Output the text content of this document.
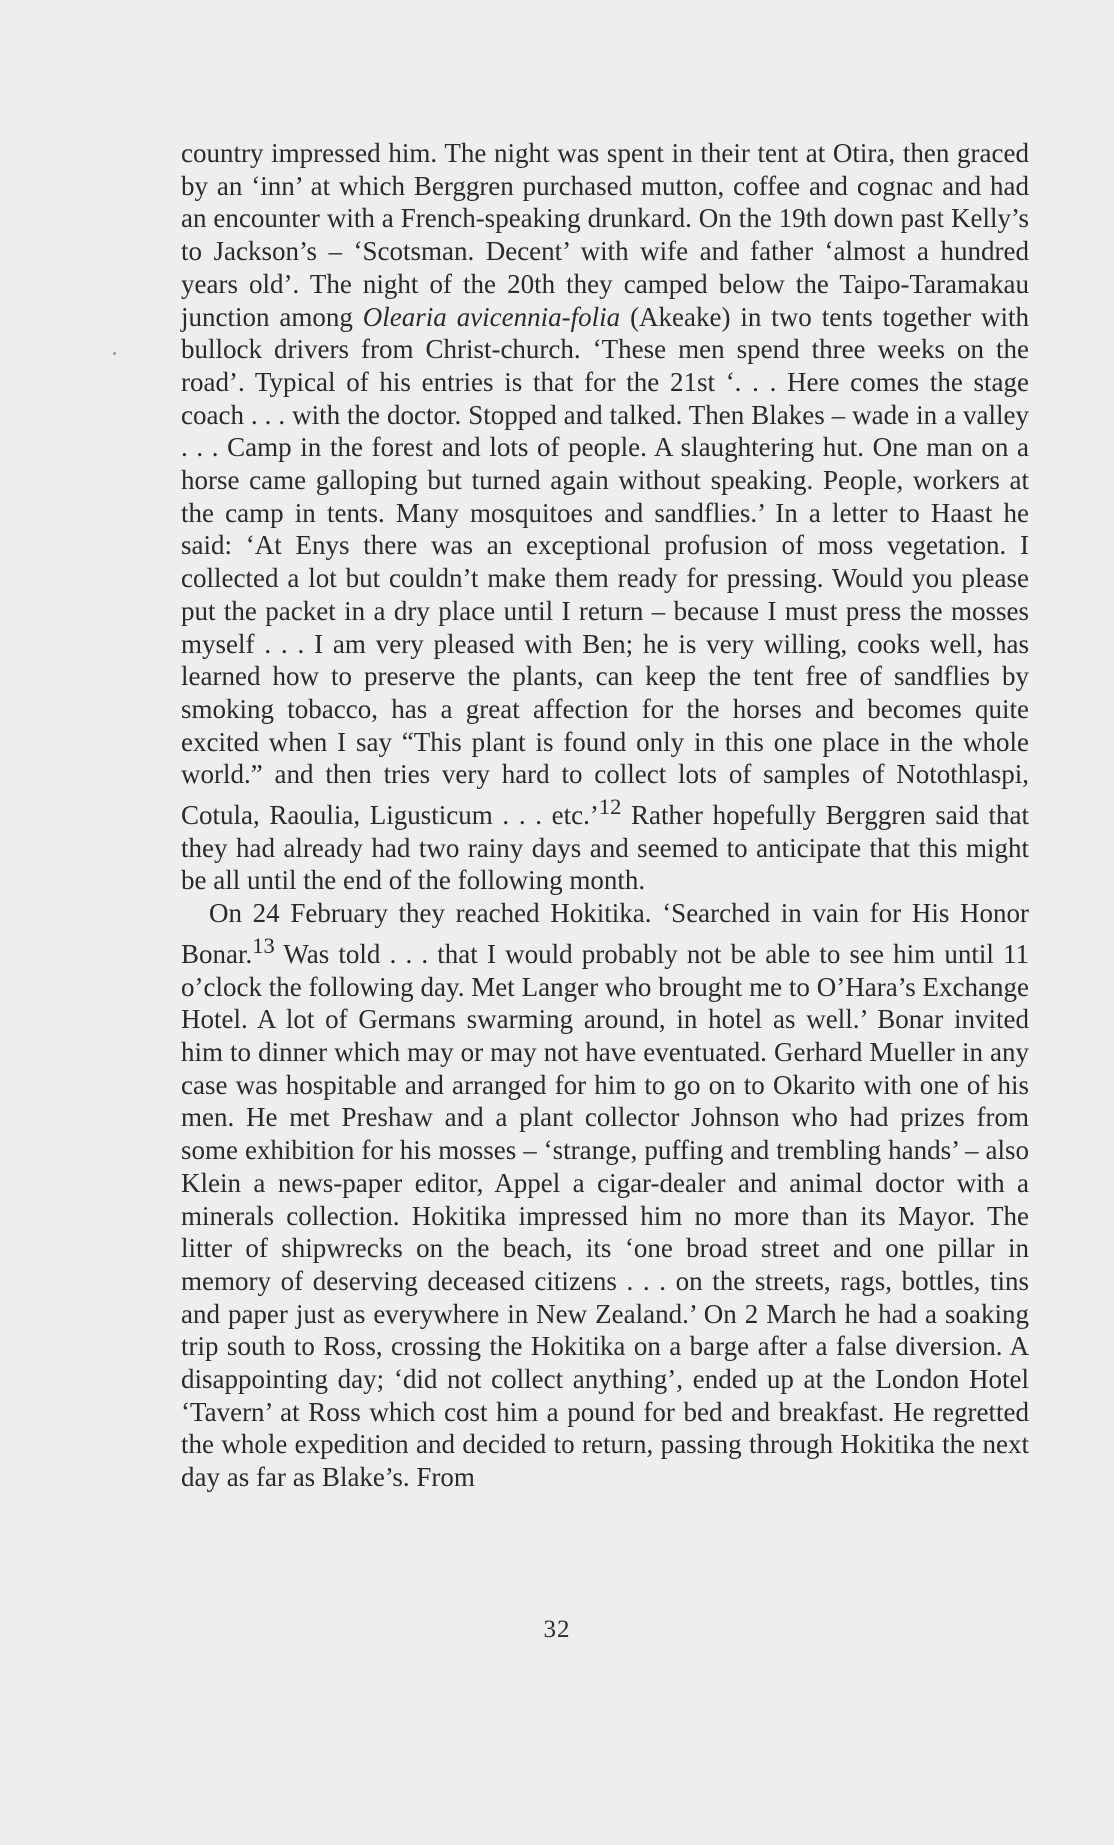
country impressed him. The night was spent in their tent at Otira, then graced by an ‘inn’ at which Berggren purchased mutton, coffee and cognac and had an encounter with a French-speaking drunkard. On the 19th down past Kelly’s to Jackson’s – ‘Scotsman. Decent’ with wife and father ‘almost a hundred years old’. The night of the 20th they camped below the Taipo-Taramakau junction among Olearia avicennia-folia (Akeake) in two tents together with bullock drivers from Christ-church. ‘These men spend three weeks on the road’. Typical of his entries is that for the 21st ‘. . . Here comes the stage coach . . . with the doctor. Stopped and talked. Then Blakes – wade in a valley . . . Camp in the forest and lots of people. A slaughtering hut. One man on a horse came galloping but turned again without speaking. People, workers at the camp in tents. Many mosquitoes and sandflies.’ In a letter to Haast he said: ‘At Enys there was an exceptional profusion of moss vegetation. I collected a lot but couldn’t make them ready for pressing. Would you please put the packet in a dry place until I return – because I must press the mosses myself . . . I am very pleased with Ben; he is very willing, cooks well, has learned how to preserve the plants, can keep the tent free of sandflies by smoking tobacco, has a great affection for the horses and becomes quite excited when I say “This plant is found only in this one place in the whole world.” and then tries very hard to collect lots of samples of Notothlaspi, Cotula, Raoulia, Ligusticum . . . etc.’$^{12}$ Rather hopefully Berggren said that they had already had two rainy days and seemed to anticipate that this might be all until the end of the following month.

On 24 February they reached Hokitika. ‘Searched in vain for His Honor Bonar.$^{13}$ Was told . . . that I would probably not be able to see him until 11 o’clock the following day. Met Langer who brought me to O’Hara’s Exchange Hotel. A lot of Germans swarming around, in hotel as well.’ Bonar invited him to dinner which may or may not have eventuated. Gerhard Mueller in any case was hospitable and arranged for him to go on to Okarito with one of his men. He met Preshaw and a plant collector Johnson who had prizes from some exhibition for his mosses – ‘strange, puffing and trembling hands’ – also Klein a news-paper editor, Appel a cigar-dealer and animal doctor with a minerals collection. Hokitika impressed him no more than its Mayor. The litter of shipwrecks on the beach, its ‘one broad street and one pillar in memory of deserving deceased citizens . . . on the streets, rags, bottles, tins and paper just as everywhere in New Zealand.’ On 2 March he had a soaking trip south to Ross, crossing the Hokitika on a barge after a false diversion. A disappointing day; ‘did not collect anything’, ended up at the London Hotel ‘Tavern’ at Ross which cost him a pound for bed and breakfast. He regretted the whole expedition and decided to return, passing through Hokitika the next day as far as Blake’s. From

32
